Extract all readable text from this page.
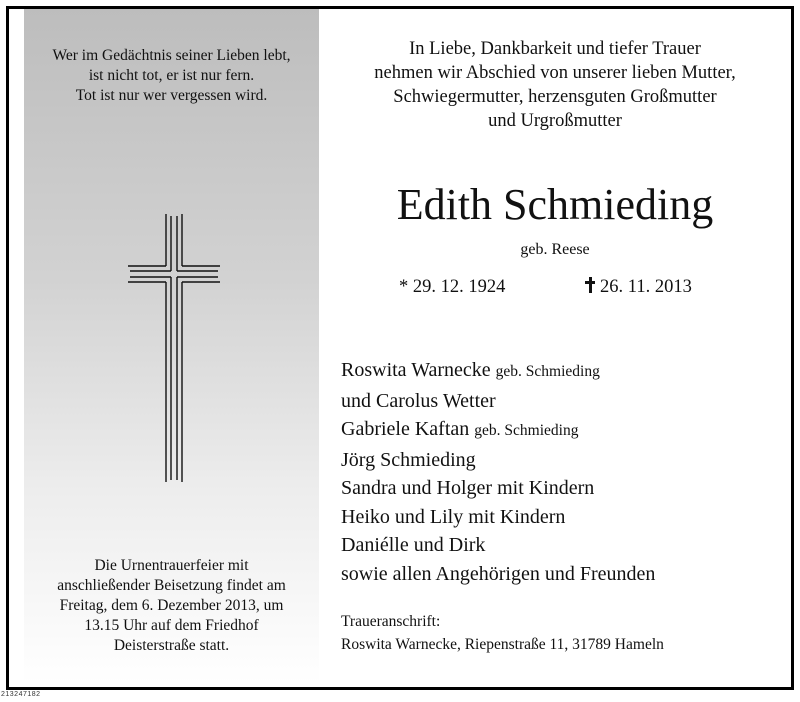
Wer im Gedächtnis seiner Lieben lebt,
ist nicht tot, er ist nur fern.
Tot ist nur wer vergessen wird.
Die Urnentrauerfeier mit
anschließender Beisetzung findet am
Freitag, dem 6. Dezember 2013, um
13.15 Uhr auf dem Friedhof
Deisterstraße statt.
In Liebe, Dankbarkeit und tiefer Trauer
nehmen wir Abschied von unserer lieben Mutter,
Schwiegermutter, herzensguten Großmutter
und Urgroßmutter
Edith Schmieding
geb. Reese
* 29. 12. 1924	26. 11. 2013
Roswita Warnecke geb. Schmieding
und Carolus Wetter
Gabriele Kaftan geb. Schmieding
Jörg Schmieding
Sandra und Holger mit Kindern
Heiko und Lily mit Kindern
Daniélle und Dirk
sowie allen Angehörigen und Freunden
Traueranschrift:
Roswita Warnecke, Riepenstraße 11, 31789 Hameln
213247182
